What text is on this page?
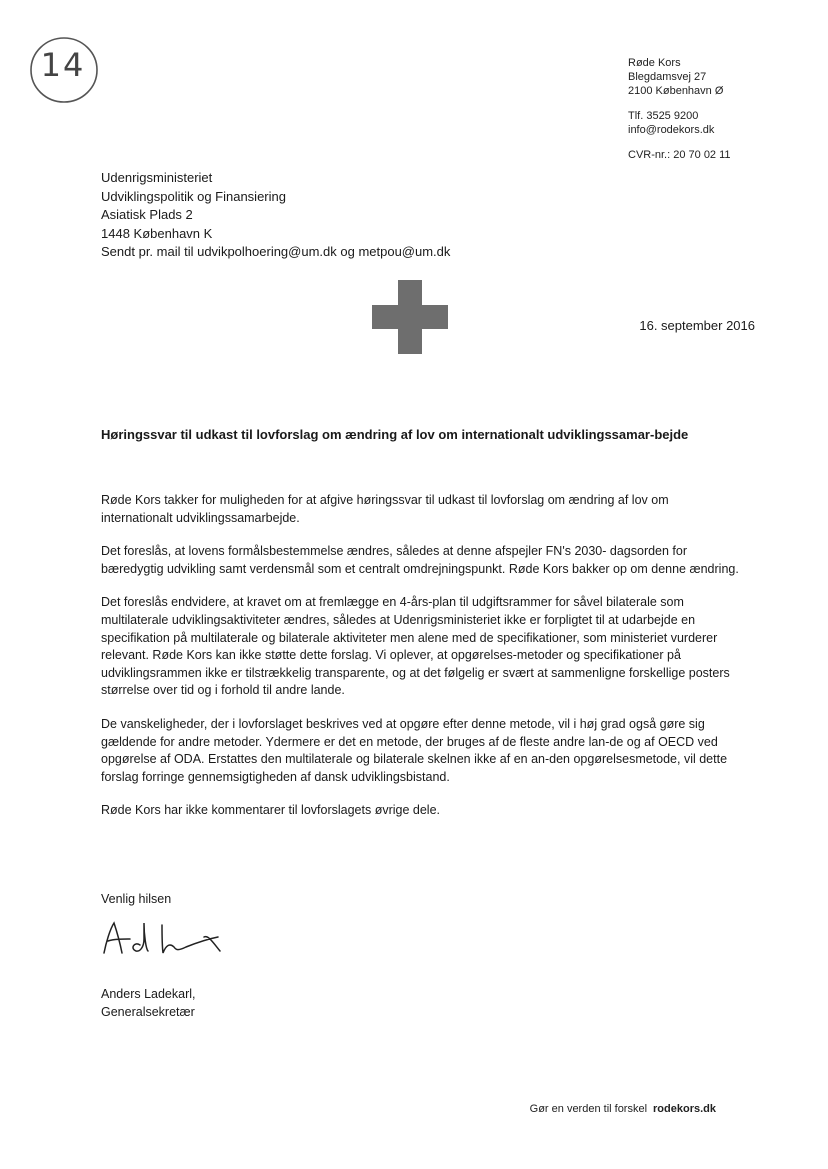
14	Røde Kors
Blegdamsvej 27
2100 København Ø
Tlf. 3525 9200
info@rodekors.dk
CVR-nr.: 20 70 02 11
Udenrigsministeriet
Udviklingspolitik og Finansiering
Asiatisk Plads 2
1448 København K
Sendt pr. mail til udvikpolhoering@um.dk og metpou@um.dk
16. september 2016
Høringssvar til udkast til lovforslag om ændring af lov om internationalt udviklingssamar-bejde

Røde Kors takker for muligheden for at afgive høringssvar til udkast til lovforslag om ændring af lov om internationalt udviklingssamarbejde.

Det foreslås, at lovens formålsbestemmelse ændres, således at denne afspejler FN's 2030- dagsorden for bæredygtig udvikling samt verdensmål som et centralt omdrejningspunkt. Røde Kors bakker op om denne ændring.

Det foreslås endvidere, at kravet om at fremlægge en 4-års-plan til udgiftsrammer for såvel bilaterale som multilaterale udviklingsaktiviteter ændres, således at Udenrigsministeriet ikke er forpligtet til at udarbejde en specifikation på multilaterale og bilaterale aktiviteter men alene med de specifikationer, som ministeriet vurderer relevant. Røde Kors kan ikke støtte dette forslag. Vi oplever, at opgørelses-metoder og specifikationer på udviklingsrammen ikke er tilstrækkelig transparente, og at det følgelig er svært at sammenligne forskellige posters størrelse over tid og i forhold til andre lande.

De vanskeligheder, der i lovforslaget beskrives ved at opgøre efter denne metode, vil i høj grad også gøre sig gældende for andre metoder. Ydermere er det en metode, der bruges af de fleste andre lan-de og af OECD ved opgørelse af ODA. Erstattes den multilaterale og bilaterale skelnen ikke af en an-den opgørelsesmetode, vil dette forslag forringe gennemsigtigheden af dansk udviklingsbistand.

Røde Kors har ikke kommentarer til lovforslagets øvrige dele.

Venlig hilsen
Anders Ladekarl,
Generalsekretær
Gør en verden til forskel rodekors.dk
